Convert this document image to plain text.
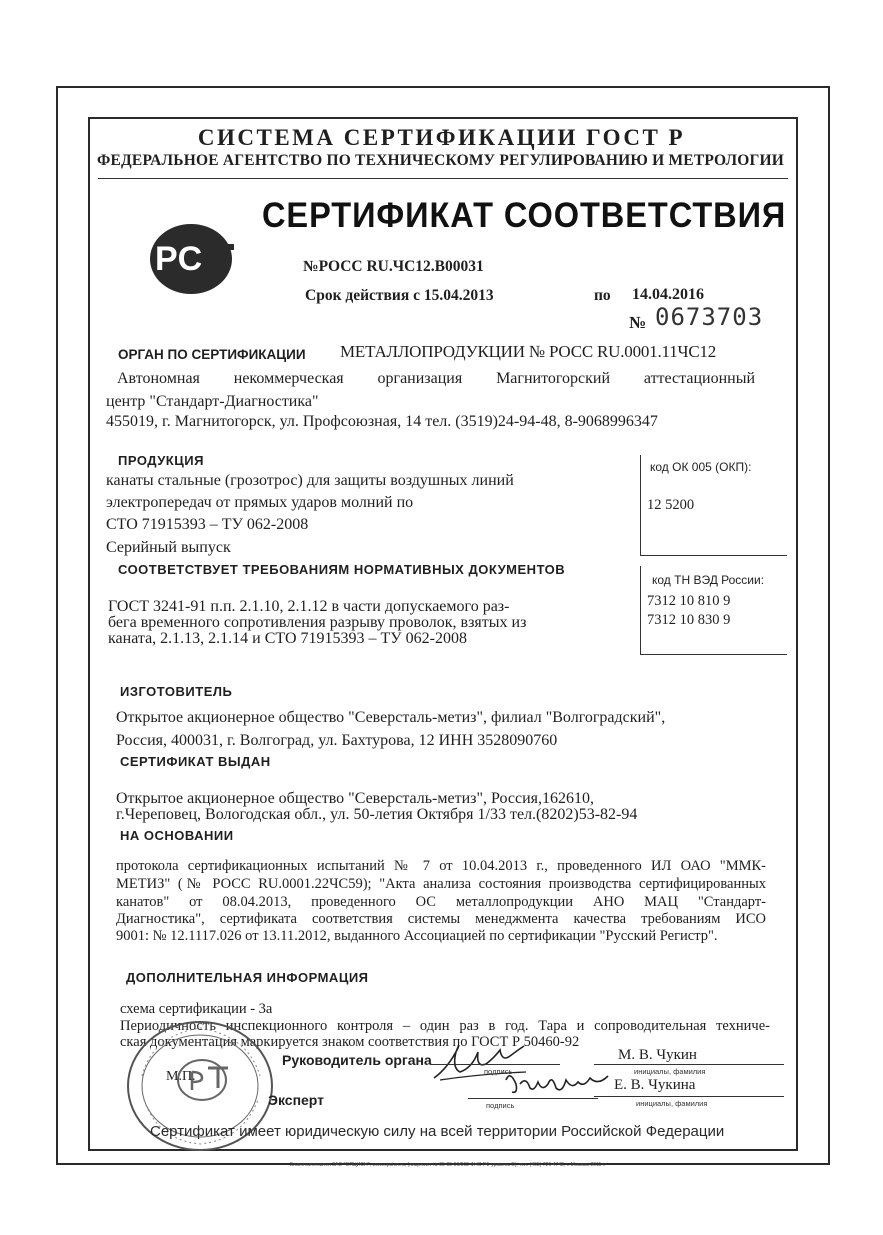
СИСТЕМА СЕРТИФИКАЦИИ ГОСТ Р
ФЕДЕРАЛЬНОЕ АГЕНТСТВО ПО ТЕХНИЧЕСКОМУ РЕГУЛИРОВАНИЮ И МЕТРОЛОГИИ
PC
СЕРТИФИКАТ СООТВЕТСТВИЯ
№РОСС RU.ЧС12.В00031
Срок действия с 15.04.2013	по 14.04.2016
№ 0673703
ОРГАН ПО СЕРТИФИКАЦИИ МЕТАЛЛОПРОДУКЦИИ № РОСС RU.0001.11ЧС12
Автономная некоммерческая организация Магнитогорский аттестационный
центр "Стандарт-Диагностика"
455019, г. Магнитогорск, ул. Профсоюзная, 14 тел. (3519)24-94-48, 8-9068996347
ПРОДУКЦИЯ
канаты стальные (грозотрос) для защиты воздушных линий
электропередач от прямых ударов молний по
СТО 71915393 – ТУ 062-2008
Серийный выпуск
код ОК 005 (ОКП):
12 5200
СООТВЕТСТВУЕТ ТРЕБОВАНИЯМ НОРМАТИВНЫХ ДОКУМЕНТОВ
ГОСТ 3241-91 п.п. 2.1.10, 2.1.12 в части допускаемого раз-
бега временного сопротивления разрыву проволок, взятых из
каната, 2.1.13, 2.1.14 и СТО 71915393 – ТУ 062-2008
код ТН ВЭД России:
7312 10 810 9
7312 10 830 9
ИЗГОТОВИТЕЛЬ
Открытое акционерное общество "Северсталь-метиз", филиал "Волгоградский",
Россия, 400031, г. Волгоград, ул. Бахтурова, 12 ИНН 3528090760
СЕРТИФИКАТ ВЫДАН
Открытое акционерное общество "Северсталь-метиз", Россия,162610,
г.Череповец, Вологодская обл., ул. 50-летия Октября 1/33 тел.(8202)53-82-94
НА ОСНОВАНИИ
протокола сертификационных испытаний № 7 от 10.04.2013 г., проведенного ИЛ ОАО "ММК-
МЕТИЗ" (№ РОСС RU.0001.22ЧС59); "Акта анализа состояния производства сертифицированных
канатов" от 08.04.2013, проведенного ОС металлопродукции АНО МАЦ "Стандарт-
Диагностика", сертификата соответствия системы менеджмента качества требованиям ИСО
9001: № 12.1117.026 от 13.11.2012, выданного Ассоциацией по сертификации "Русский Регистр".
ДОПОЛНИТЕЛЬНАЯ ИНФОРМАЦИЯ
схема сертификации - 3а
Периодичность инспекционного контроля – один раз в год. Тара и сопроводительная техниче-
ская документация маркируется знаком соответствия по ГОСТ Р 50460-92
М.П.
Руководитель органа
подпись
М. В. Чукин
инициалы, фамилия
Эксперт	подпись
Е. В. Чукина
инициалы, фамилия
Сертификат имеет юридическую силу на всей территории Российской Федерации
Бланк изготовлен ЗАО "ОПЦИОН", www.opcion.ru, (лицензия № 05-05-09/003 ФНС РФ уровень В), тел. (495) 726-4742, г. Москва, 2011 г.
